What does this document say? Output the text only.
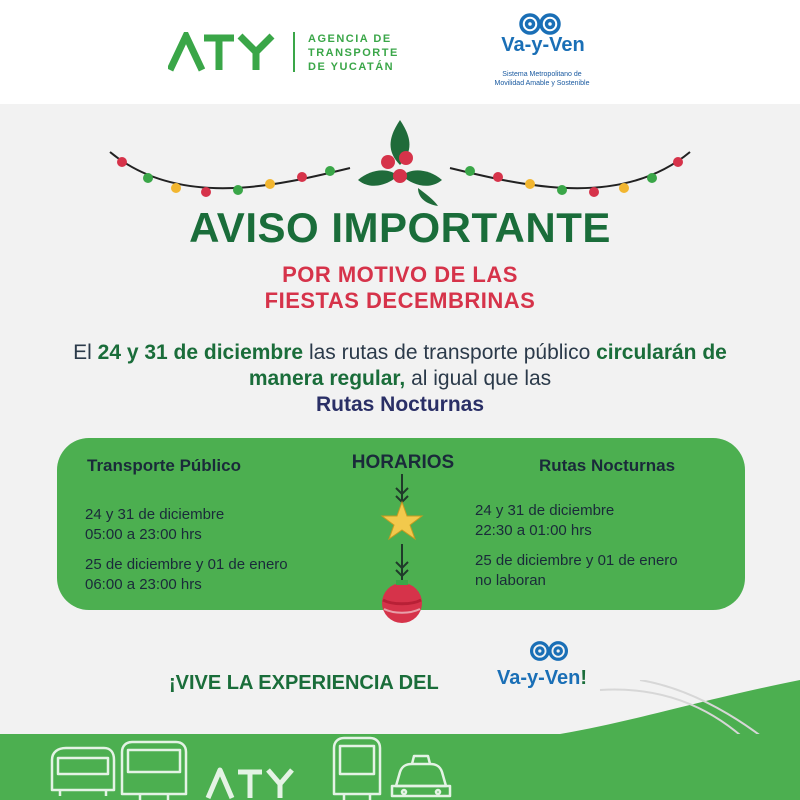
AGENCIA DE
TRANSPORTE
DE YUCATÁN
Va-y-Ven
Sistema Metropolitano de
Movilidad Amable y Sostenible
AVISO IMPORTANTE
POR MOTIVO DE LAS
FIESTAS DECEMBRINAS
El 24 y 31 de diciembre las rutas de transporte público circularán de manera regular, al igual que las
Rutas Nocturnas
Transporte Público
24 y 31 de diciembre
05:00 a 23:00 hrs
25 de diciembre y 01 de enero
06:00 a 23:00 hrs
Rutas Nocturnas
24 y 31 de diciembre
22:30 a 01:00 hrs
25 de diciembre y 01 de enero
no laboran
HORARIOS
¡VIVE LA EXPERIENCIA DEL	Va-y-Ven!
